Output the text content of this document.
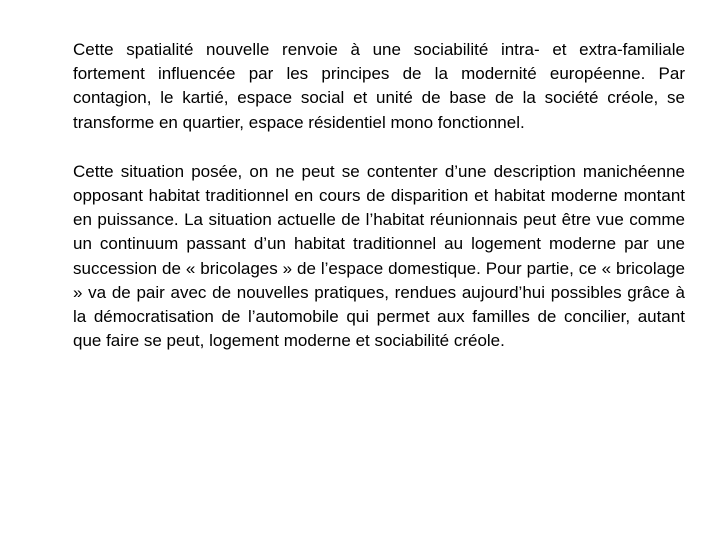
Cette spatialité nouvelle renvoie à une sociabilité intra- et extra-familiale fortement influencée par les principes de la modernité européenne. Par contagion, le kartié, espace social et unité de base de la société créole, se transforme en quartier, espace résidentiel mono fonctionnel.

Cette situation posée, on ne peut se contenter d’une description manichéenne opposant habitat traditionnel en cours de disparition et habitat moderne montant en puissance. La situation actuelle de l’habitat réunionnais peut être vue comme un continuum passant d’un habitat traditionnel au logement moderne par une succession de « bricolages » de l’espace domestique. Pour partie, ce « bricolage » va de pair avec de nouvelles pratiques, rendues aujourd’hui possibles grâce à la démocratisation de l’automobile qui permet aux familles de concilier, autant que faire se peut, logement moderne et sociabilité créole.
